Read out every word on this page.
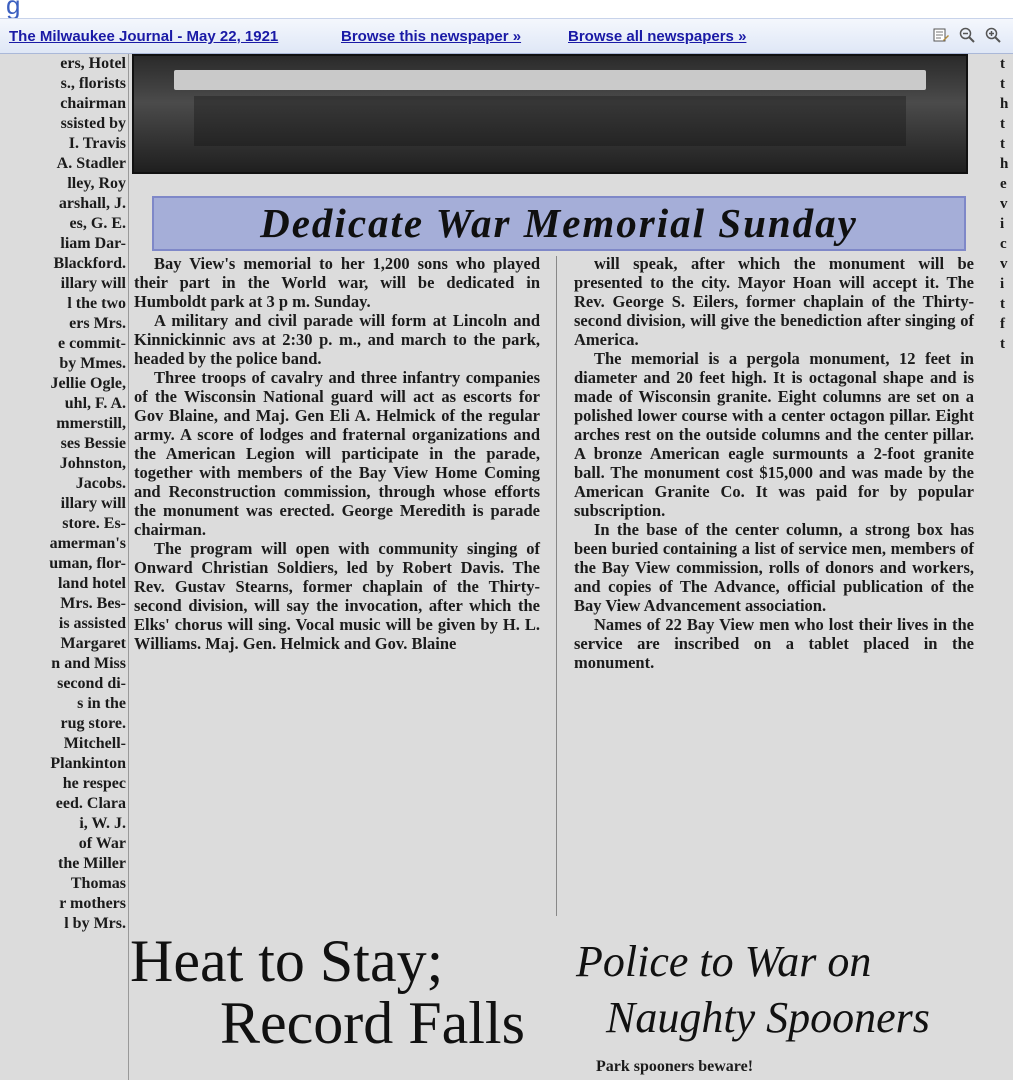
g
The Milwaukee Journal - May 22, 1921	Browse this newspaper »	Browse all newspapers »
ers, Hotel
s., florists
chairman
ssisted by
I. Travis
A. Stadler
lley, Roy
arshall, J.
es, G. E.
liam Dar-
Blackford.
illary will
l the two
ers Mrs.
e commit-
by Mmes.
Jellie Ogle,
uhl, F. A.
mmerstill,
ses Bessie
Johnston,
Jacobs.
illary will
store. Es-
amerman's
uman, flor-
land hotel
Mrs. Bes-
is assisted
Margaret
n and Miss
second di-
s in the
rug store.
Mitchell-
Plankinton
he respec
eed. Clara
i, W. J.
of War
the Miller
Thomas
r mothers
l by Mrs.
Dedicate War Memorial Sunday

Bay View's memorial to her 1,200 sons who played their part in the World war, will be dedicated in Humboldt park at 3 p m. Sunday.

A military and civil parade will form at Lincoln and Kinnickinnic avs at 2:30 p. m., and march to the park, headed by the police band.

Three troops of cavalry and three infantry companies of the Wisconsin National guard will act as escorts for Gov Blaine, and Maj. Gen Eli A. Helmick of the regular army. A score of lodges and fraternal organizations and the American Legion will participate in the parade, together with members of the Bay View Home Coming and Reconstruction commission, through whose efforts the monument was erected. George Meredith is parade chairman.

The program will open with community singing of Onward Christian Soldiers, led by Robert Davis. The Rev. Gustav Stearns, former chaplain of the Thirty-second division, will say the invocation, after which the Elks' chorus will sing. Vocal music will be given by H. L. Williams. Maj. Gen. Helmick and Gov. Blaine

will speak, after which the monument will be presented to the city. Mayor Hoan will accept it. The Rev. George S. Eilers, former chaplain of the Thirty-second division, will give the benediction after singing of America.

The memorial is a pergola monument, 12 feet in diameter and 20 feet high. It is octagonal shape and is made of Wisconsin granite. Eight columns are set on a polished lower course with a center octagon pillar. Eight arches rest on the outside columns and the center pillar. A bronze American eagle surmounts a 2-foot granite ball. The monument cost $15,000 and was made by the American Granite Co. It was paid for by popular subscription.

In the base of the center column, a strong box has been buried containing a list of service men, members of the Bay View commission, rolls of donors and workers, and copies of The Advance, official publication of the Bay View Advancement association.

Names of 22 Bay View men who lost their lives in the service are inscribed on a tablet placed in the monument.

Heat to Stay;
Record Falls
Police to War on
Naughty Spooners
Park spooners beware!
t
t
h
t
t
h
e
v
i
c
v
i
t
f
t
